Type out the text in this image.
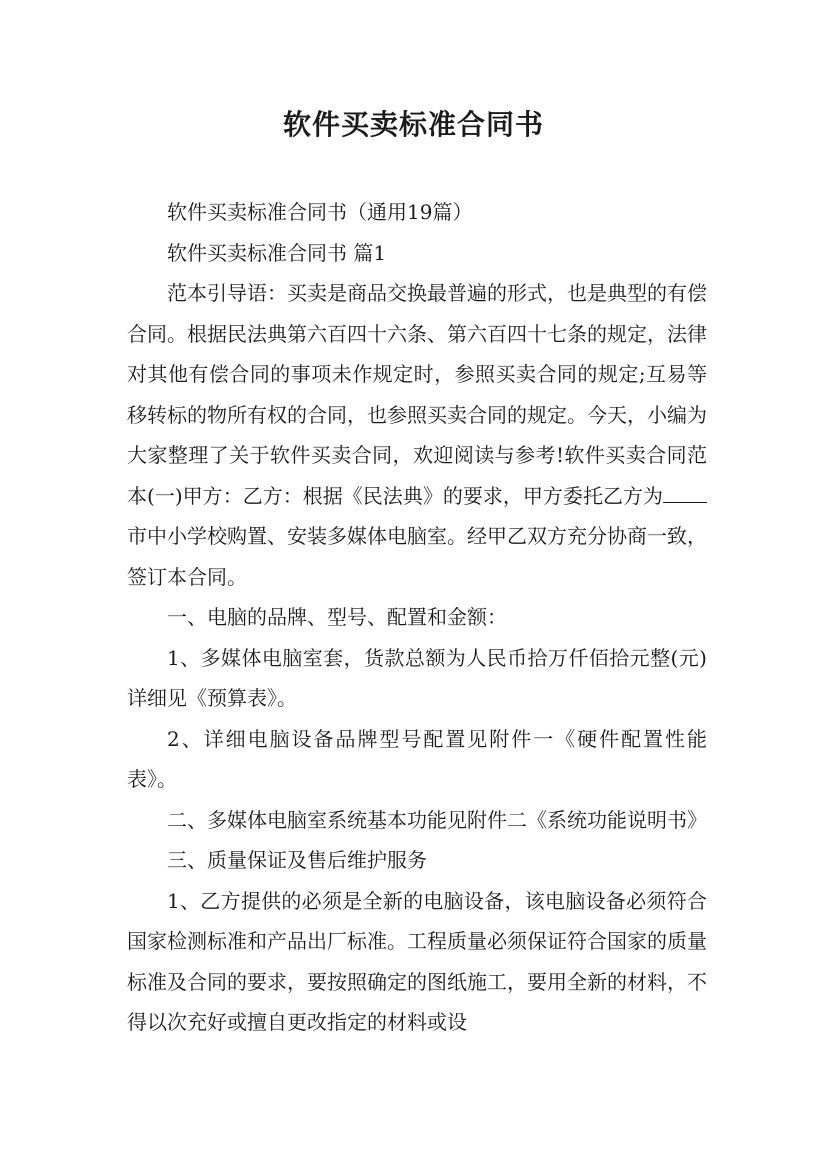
软件买卖标准合同书

软件买卖标准合同书（通用19篇）

软件买卖标准合同书 篇1

范本引导语：买卖是商品交换最普遍的形式，也是典型的有偿合同。根据民法典第六百四十六条、第六百四十七条的规定，法律对其他有偿合同的事项未作规定时，参照买卖合同的规定;互易等移转标的物所有权的合同，也参照买卖合同的规定。今天，小编为大家整理了关于软件买卖合同，欢迎阅读与参考!软件买卖合同范本(一)甲方：乙方：根据《民法典》的要求，甲方委托乙方为市中小学校购置、安装多媒体电脑室。经甲乙双方充分协商一致，签订本合同。

一、电脑的品牌、型号、配置和金额：

1、多媒体电脑室套，货款总额为人民币拾万仟佰拾元整(元)详细见《预算表》。

2、详细电脑设备品牌型号配置见附件一《硬件配置性能表》。

二、多媒体电脑室系统基本功能见附件二《系统功能说明书》

三、质量保证及售后维护服务

1、乙方提供的必须是全新的电脑设备，该电脑设备必须符合国家检测标准和产品出厂标准。工程质量必须保证符合国家的质量标准及合同的要求，要按照确定的图纸施工，要用全新的材料，不得以次充好或擅自更改指定的材料或设
